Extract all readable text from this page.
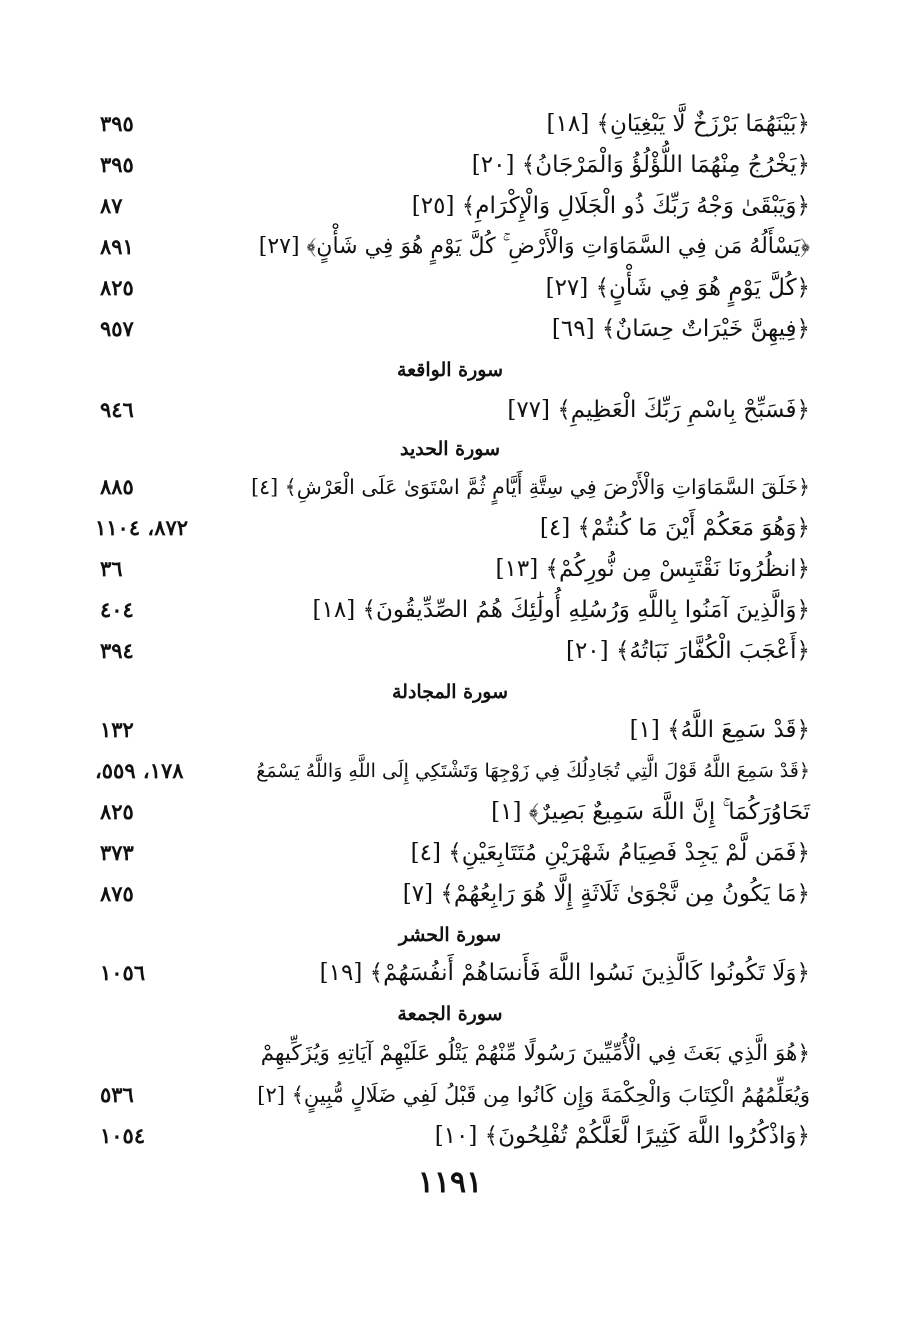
﴿بَيْنَهُمَا بَرْزَخٌ لَّا يَبْغِيَانِ﴾ [١٨]
٣٩٥
﴿يَخْرُجُ مِنْهُمَا اللُّؤْلُؤُ وَالْمَرْجَانُ﴾ [٢٠]
٣٩٥
﴿وَيَبْقَىٰ وَجْهُ رَبِّكَ ذُو الْجَلَالِ وَالْإِكْرَامِ﴾ [٢٥]
٨٧
﴿يَسْأَلُهُ مَن فِي السَّمَاوَاتِ وَالْأَرْضِ ۚ كُلَّ يَوْمٍ هُوَ فِي شَأْنٍ﴾ [٢٧]
٨٩١
﴿كُلَّ يَوْمٍ هُوَ فِي شَأْنٍ﴾ [٢٧]
٨٢٥
﴿فِيهِنَّ خَيْرَاتٌ حِسَانٌ﴾ [٦٩]
٩٥٧
سورة الواقعة
﴿فَسَبِّحْ بِاسْمِ رَبِّكَ الْعَظِيمِ﴾ [٧٧]
٩٤٦
سورة الحديد
﴿خَلَقَ السَّمَاوَاتِ وَالْأَرْضَ فِي سِتَّةِ أَيَّامٍ ثُمَّ اسْتَوَىٰ عَلَى الْعَرْشِ﴾ [٤]
٨٨٥
﴿وَهُوَ مَعَكُمْ أَيْنَ مَا كُنتُمْ﴾ [٤]
٨٧٢، ١١٠٤
﴿انظُرُونَا نَقْتَبِسْ مِن نُّورِكُمْ﴾ [١٣]
٣٦
﴿وَالَّذِينَ آمَنُوا بِاللَّهِ وَرُسُلِهِ أُولَٰئِكَ هُمُ الصِّدِّيقُونَ﴾ [١٨]
٤٠٤
﴿أَعْجَبَ الْكُفَّارَ نَبَاتُهُ﴾ [٢٠]
٣٩٤
سورة المجادلة
﴿قَدْ سَمِعَ اللَّهُ﴾ [١]
١٣٢
﴿قَدْ سَمِعَ اللَّهُ قَوْلَ الَّتِي تُجَادِلُكَ فِي زَوْجِهَا وَتَشْتَكِي إِلَى اللَّهِ وَاللَّهُ يَسْمَعُ
١٧٨، ٥٥٩،
تَحَاوُرَكُمَا ۚ إِنَّ اللَّهَ سَمِيعٌ بَصِيرٌ﴾ [١]
٨٢٥
﴿فَمَن لَّمْ يَجِدْ فَصِيَامُ شَهْرَيْنِ مُتَتَابِعَيْنِ﴾ [٤]
٣٧٣
﴿مَا يَكُونُ مِن نَّجْوَىٰ ثَلَاثَةٍ إِلَّا هُوَ رَابِعُهُمْ﴾ [٧]
٨٧٥
سورة الحشر
﴿وَلَا تَكُونُوا كَالَّذِينَ نَسُوا اللَّهَ فَأَنسَاهُمْ أَنفُسَهُمْ﴾ [١٩]
١٠٥٦
سورة الجمعة
﴿هُوَ الَّذِي بَعَثَ فِي الْأُمِّيِّينَ رَسُولًا مِّنْهُمْ يَتْلُو عَلَيْهِمْ آيَاتِهِ وَيُزَكِّيهِمْ
وَيُعَلِّمُهُمُ الْكِتَابَ وَالْحِكْمَةَ وَإِن كَانُوا مِن قَبْلُ لَفِي ضَلَالٍ مُّبِينٍ﴾ [٢]
٥٣٦
﴿وَاذْكُرُوا اللَّهَ كَثِيرًا لَّعَلَّكُمْ تُفْلِحُونَ﴾ [١٠]
١٠٥٤
١١٩١
